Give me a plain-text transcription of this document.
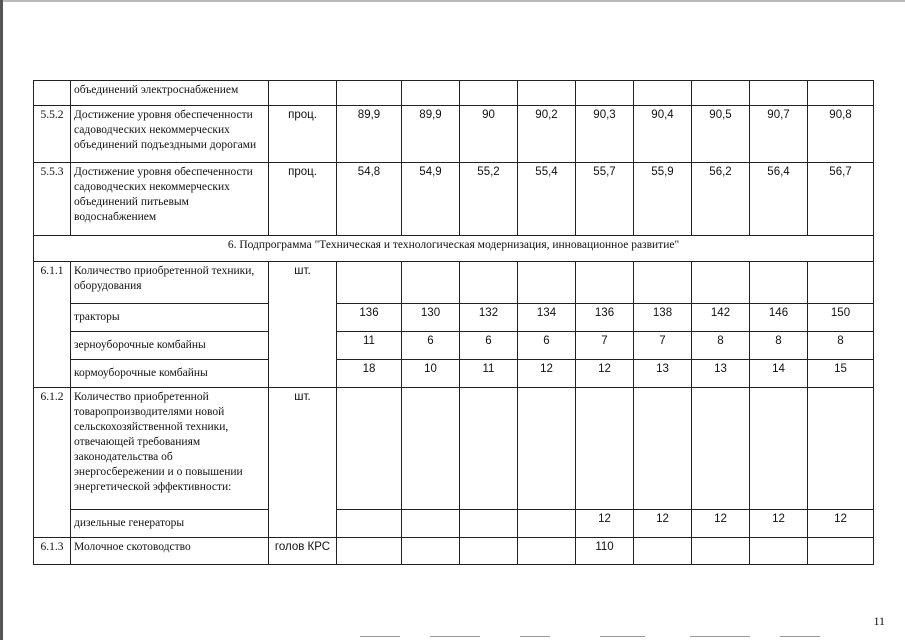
	объединений электроснабжением										
5.5.2	Достижение уровня обеспеченности садоводческих некоммерческих объединений подъездными дорогами	проц.	89,9	89,9	90	90,2	90,3	90,4	90,5	90,7	90,8
5.5.3	Достижение уровня обеспеченности садоводческих некоммерческих объединений питьевым водоснабжением	проц.	54,8	54,9	55,2	55,4	55,7	55,9	56,2	56,4	56,7
6. Подпрограмма "Техническая и технологическая модернизация, инновационное развитие"											
6.1.1	Количество приобретенной техники, оборудования	шт.									
	тракторы		136	130	132	134	136	138	142	146	150
	зерноуборочные комбайны		11	6	6	6	7	7	8	8	8
	кормоуборочные комбайны		18	10	11	12	12	13	13	14	15
6.1.2	Количество приобретенной товаропроизводителями новой сельскохозяйственной техники, отвечающей требованиям законодательства об энергосбережении и о повышении энергетической эффективности:	шт.									
	дизельные генераторы						12	12	12	12	12
6.1.3	Молочное скотоводство	голов КРС					110				
11
